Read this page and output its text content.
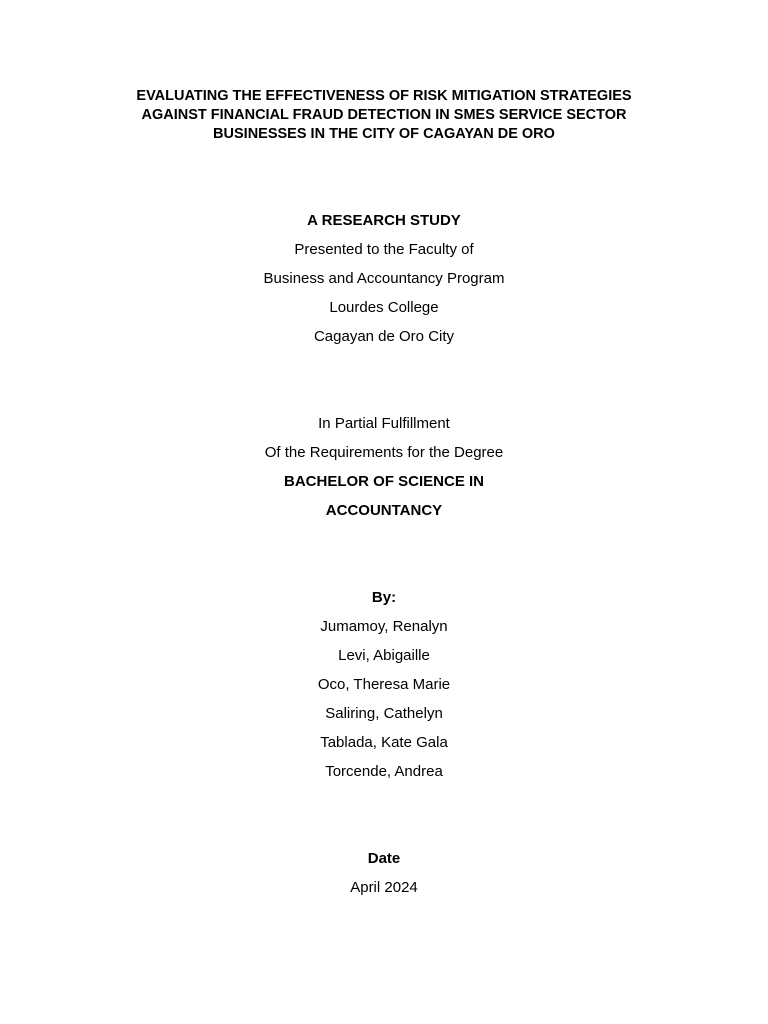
EVALUATING THE EFFECTIVENESS OF RISK MITIGATION STRATEGIES
AGAINST FINANCIAL FRAUD DETECTION IN SMES SERVICE SECTOR
BUSINESSES IN THE CITY OF CAGAYAN DE ORO
A RESEARCH STUDY
Presented to the Faculty of
Business and Accountancy Program
Lourdes College
Cagayan de Oro City
In Partial Fulfillment
Of the Requirements for the Degree
BACHELOR OF SCIENCE IN
ACCOUNTANCY
By:
Jumamoy, Renalyn
Levi, Abigaille
Oco, Theresa Marie
Saliring, Cathelyn
Tablada, Kate Gala
Torcende, Andrea
Date
April 2024
